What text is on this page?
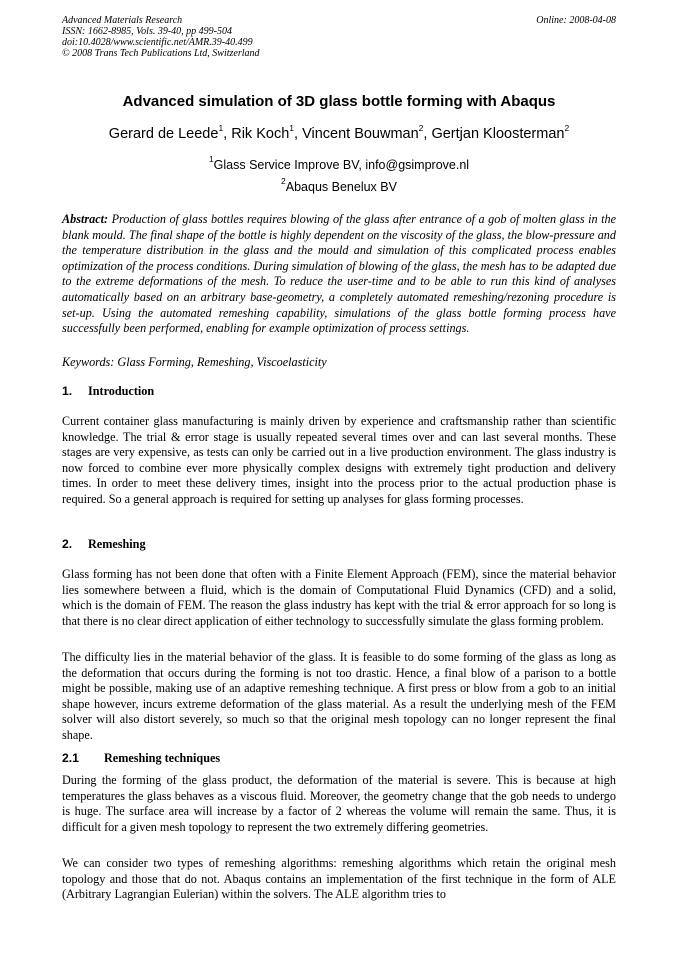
Advanced Materials Research
ISSN: 1662-8985, Vols. 39-40, pp 499-504
doi:10.4028/www.scientific.net/AMR.39-40.499
© 2008 Trans Tech Publications Ltd, Switzerland
Online: 2008-04-08
Advanced simulation of 3D glass bottle forming with Abaqus
Gerard de Leede$^1$, Rik Koch$^1$, Vincent Bouwman$^2$, Gertjan Kloosterman$^2$
$^1$Glass Service Improve BV, info@gsimprove.nl
$^2$Abaqus Benelux BV
Abstract: Production of glass bottles requires blowing of the glass after entrance of a gob of molten glass in the blank mould. The final shape of the bottle is highly dependent on the viscosity of the glass, the blow-pressure and the temperature distribution in the glass and the mould and simulation of this complicated process enables optimization of the process conditions. During simulation of blowing of the glass, the mesh has to be adapted due to the extreme deformations of the mesh. To reduce the user-time and to be able to run this kind of analyses automatically based on an arbitrary base-geometry, a completely automated remeshing/rezoning procedure is set-up. Using the automated remeshing capability, simulations of the glass bottle forming process have successfully been performed, enabling for example optimization of process settings.
Keywords: Glass Forming, Remeshing, Viscoelasticity
1. Introduction

Current container glass manufacturing is mainly driven by experience and craftsmanship rather than scientific knowledge. The trial & error stage is usually repeated several times over and can last several months. These stages are very expensive, as tests can only be carried out in a live production environment. The glass industry is now forced to combine ever more physically complex designs with extremely tight production and delivery times. In order to meet these delivery times, insight into the process prior to the actual production phase is required. So a general approach is required for setting up analyses for glass forming processes.

2. Remeshing

Glass forming has not been done that often with a Finite Element Approach (FEM), since the material behavior lies somewhere between a fluid, which is the domain of Computational Fluid Dynamics (CFD) and a solid, which is the domain of FEM. The reason the glass industry has kept with the trial & error approach for so long is that there is no clear direct application of either technology to successfully simulate the glass forming problem.

The difficulty lies in the material behavior of the glass. It is feasible to do some forming of the glass as long as the deformation that occurs during the forming is not too drastic. Hence, a final blow of a parison to a bottle might be possible, making use of an adaptive remeshing technique. A first press or blow from a gob to an initial shape however, incurs extreme deformation of the glass material. As a result the underlying mesh of the FEM solver will also distort severely, so much so that the original mesh topology can no longer represent the final shape.

2.1 Remeshing techniques

During the forming of the glass product, the deformation of the material is severe. This is because at high temperatures the glass behaves as a viscous fluid. Moreover, the geometry change that the gob needs to undergo is huge. The surface area will increase by a factor of 2 whereas the volume will remain the same. Thus, it is difficult for a given mesh topology to represent the two extremely differing geometries.

We can consider two types of remeshing algorithms: remeshing algorithms which retain the original mesh topology and those that do not. Abaqus contains an implementation of the first technique in the form of ALE (Arbitrary Lagrangian Eulerian) within the solvers. The ALE algorithm tries to
